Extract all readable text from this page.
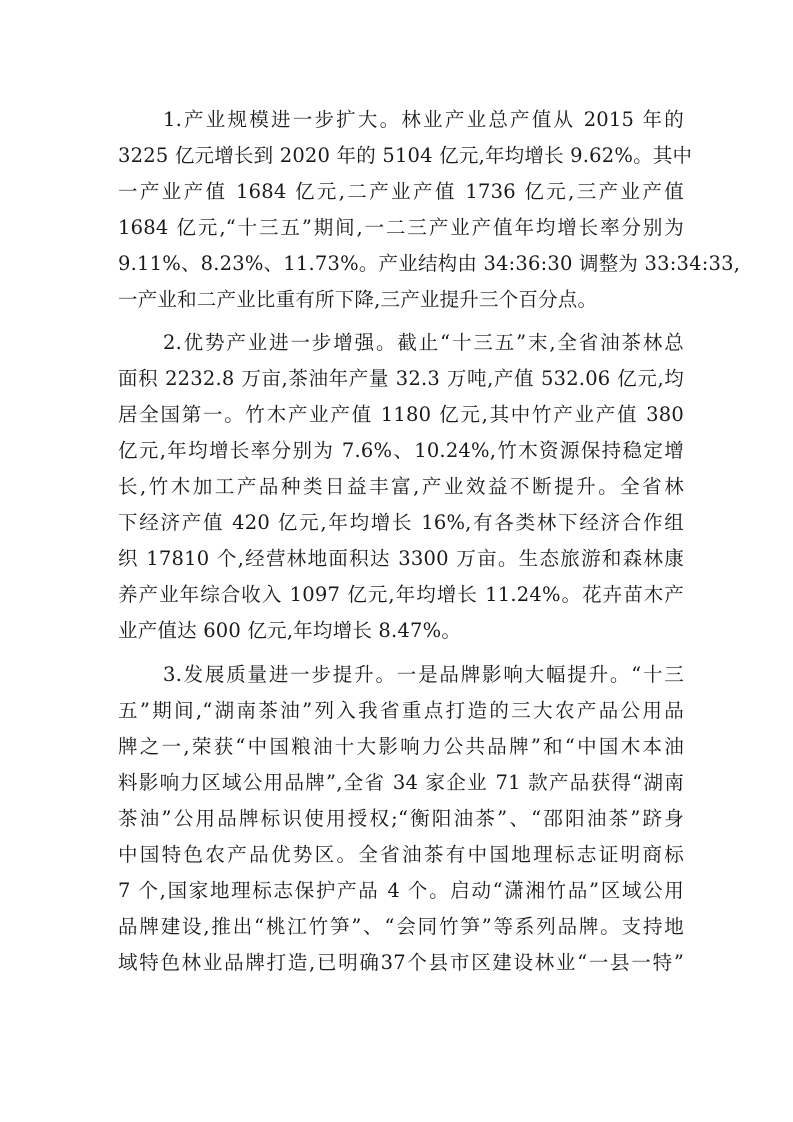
1.产业规模进一步扩大。林业产业总产值从 2015 年的
3225 亿元增长到 2020 年的 5104 亿元,年均增长 9.62%。其中
一产业产值 1684 亿元,二产业产值 1736 亿元,三产业产值
1684 亿元,“十三五”期间,一二三产业产值年均增长率分别为
9.11%、8.23%、11.73%。产业结构由 34:36:30 调整为 33:34:33,
一产业和二产业比重有所下降,三产业提升三个百分点。
2.优势产业进一步增强。截止“十三五”末,全省油茶林总
面积 2232.8 万亩,茶油年产量 32.3 万吨,产值 532.06 亿元,均
居全国第一。竹木产业产值 1180 亿元,其中竹产业产值 380
亿元,年均增长率分别为 7.6%、10.24%,竹木资源保持稳定增
长,竹木加工产品种类日益丰富,产业效益不断提升。全省林
下经济产值 420 亿元,年均增长 16%,有各类林下经济合作组
织 17810 个,经营林地面积达 3300 万亩。生态旅游和森林康
养产业年综合收入 1097 亿元,年均增长 11.24%。花卉苗木产
业产值达 600 亿元,年均增长 8.47%。
3.发展质量进一步提升。一是品牌影响大幅提升。“十三
五”期间,“湖南茶油”列入我省重点打造的三大农产品公用品
牌之一,荣获“中国粮油十大影响力公共品牌”和“中国木本油
料影响力区域公用品牌”,全省 34 家企业 71 款产品获得“湖南
茶油”公用品牌标识使用授权;“衡阳油茶”、“邵阳油茶”跻身
中国特色农产品优势区。全省油茶有中国地理标志证明商标
7 个,国家地理标志保护产品 4 个。启动“潇湘竹品”区域公用
品牌建设,推出“桃江竹笋”、“会同竹笋”等系列品牌。支持地
域特色林业品牌打造,已明确37个县市区建设林业“一县一特”
